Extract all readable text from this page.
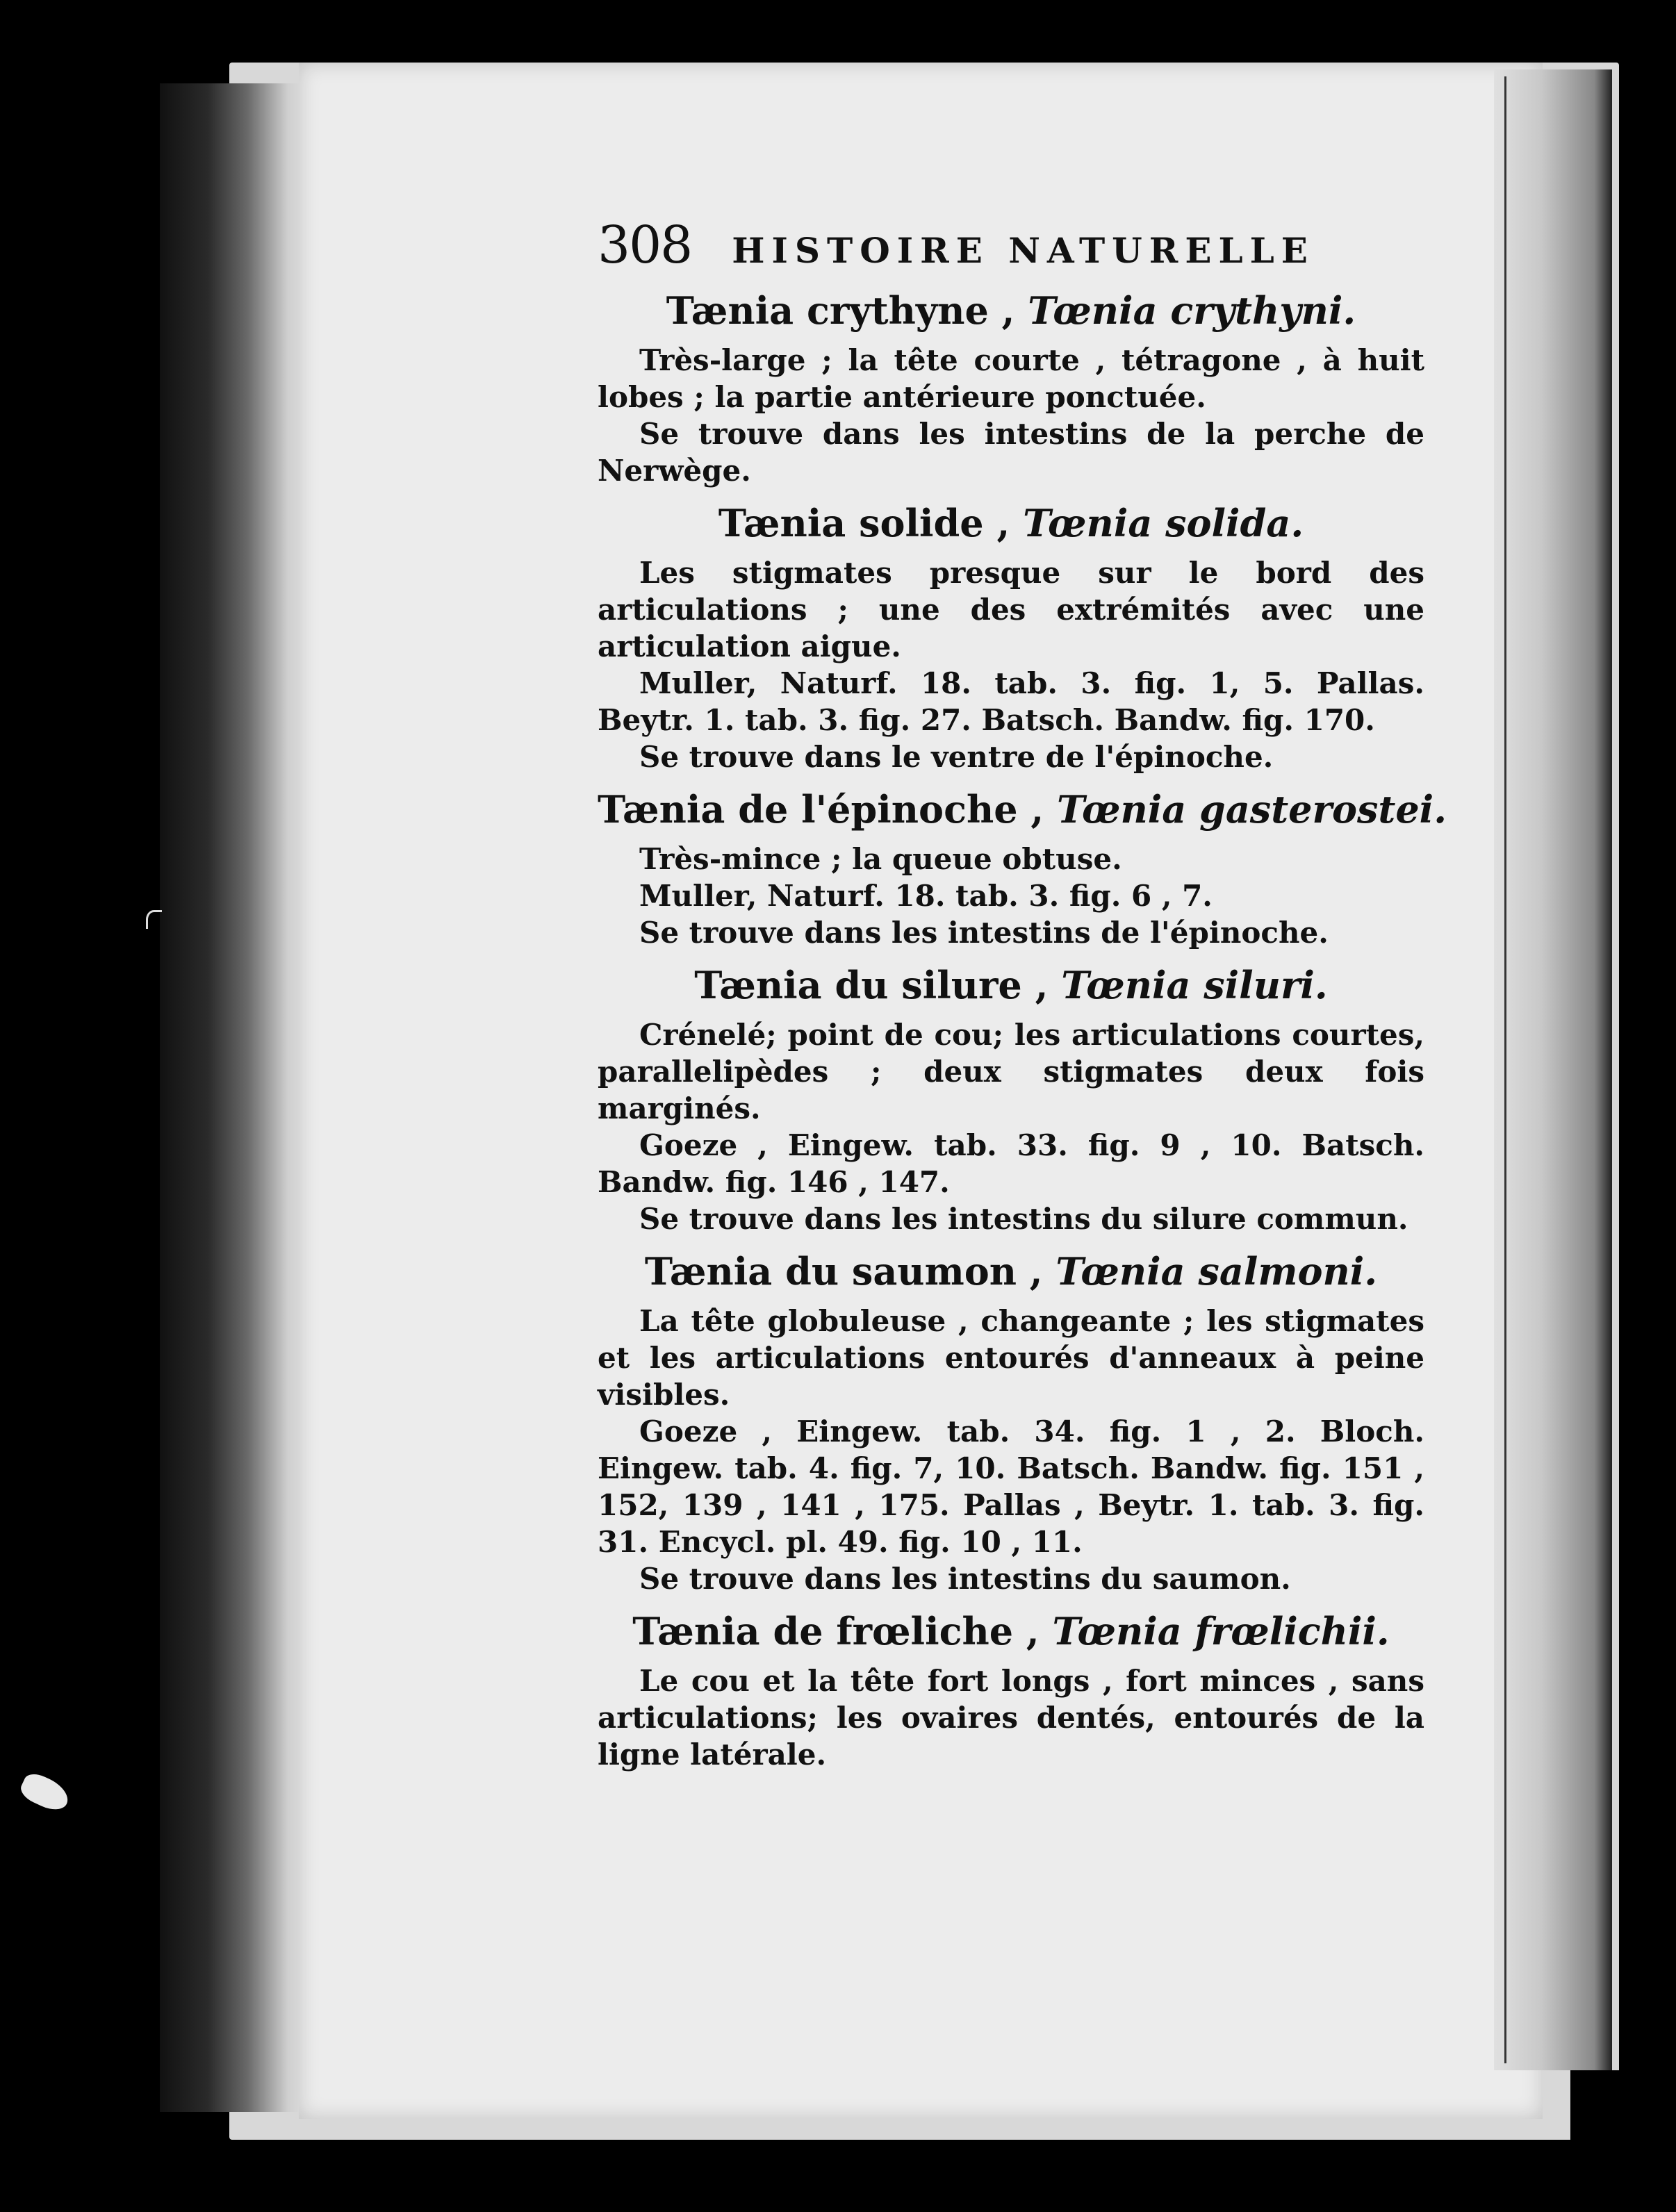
308 HISTOIRE NATURELLE
Tænia crythyne , Tœnia crythyni.

Très-large ; la tête courte , tétragone , à huit lobes ; la partie antérieure ponctuée.

Se trouve dans les intestins de la perche de Nerwège.

Tænia solide , Tœnia solida.

Les stigmates presque sur le bord des articulations ; une des extrémités avec une articulation aigue.

Muller, Naturf. 18. tab. 3. fig. 1, 5. Pallas. Beytr. 1. tab. 3. fig. 27. Batsch. Bandw. fig. 170.

Se trouve dans le ventre de l'épinoche.

Tænia de l'épinoche , Tœnia gasterostei.

Très-mince ; la queue obtuse.

Muller, Naturf. 18. tab. 3. fig. 6 , 7.

Se trouve dans les intestins de l'épinoche.

Tænia du silure , Tœnia siluri.

Crénelé; point de cou; les articulations courtes, parallelipèdes ; deux stigmates deux fois marginés.

Goeze , Eingew. tab. 33. fig. 9 , 10. Batsch. Bandw. fig. 146 , 147.

Se trouve dans les intestins du silure commun.

Tænia du saumon , Tœnia salmoni.

La tête globuleuse , changeante ; les stigmates et les articulations entourés d'anneaux à peine visibles.

Goeze , Eingew. tab. 34. fig. 1 , 2. Bloch. Eingew. tab. 4. fig. 7, 10. Batsch. Bandw. fig. 151 , 152, 139 , 141 , 175. Pallas , Beytr. 1. tab. 3. fig. 31. Encycl. pl. 49. fig. 10 , 11.

Se trouve dans les intestins du saumon.

Tænia de frœliche , Tœnia frœlichii.

Le cou et la tête fort longs , fort minces , sans articulations; les ovaires dentés, entourés de la ligne latérale.
